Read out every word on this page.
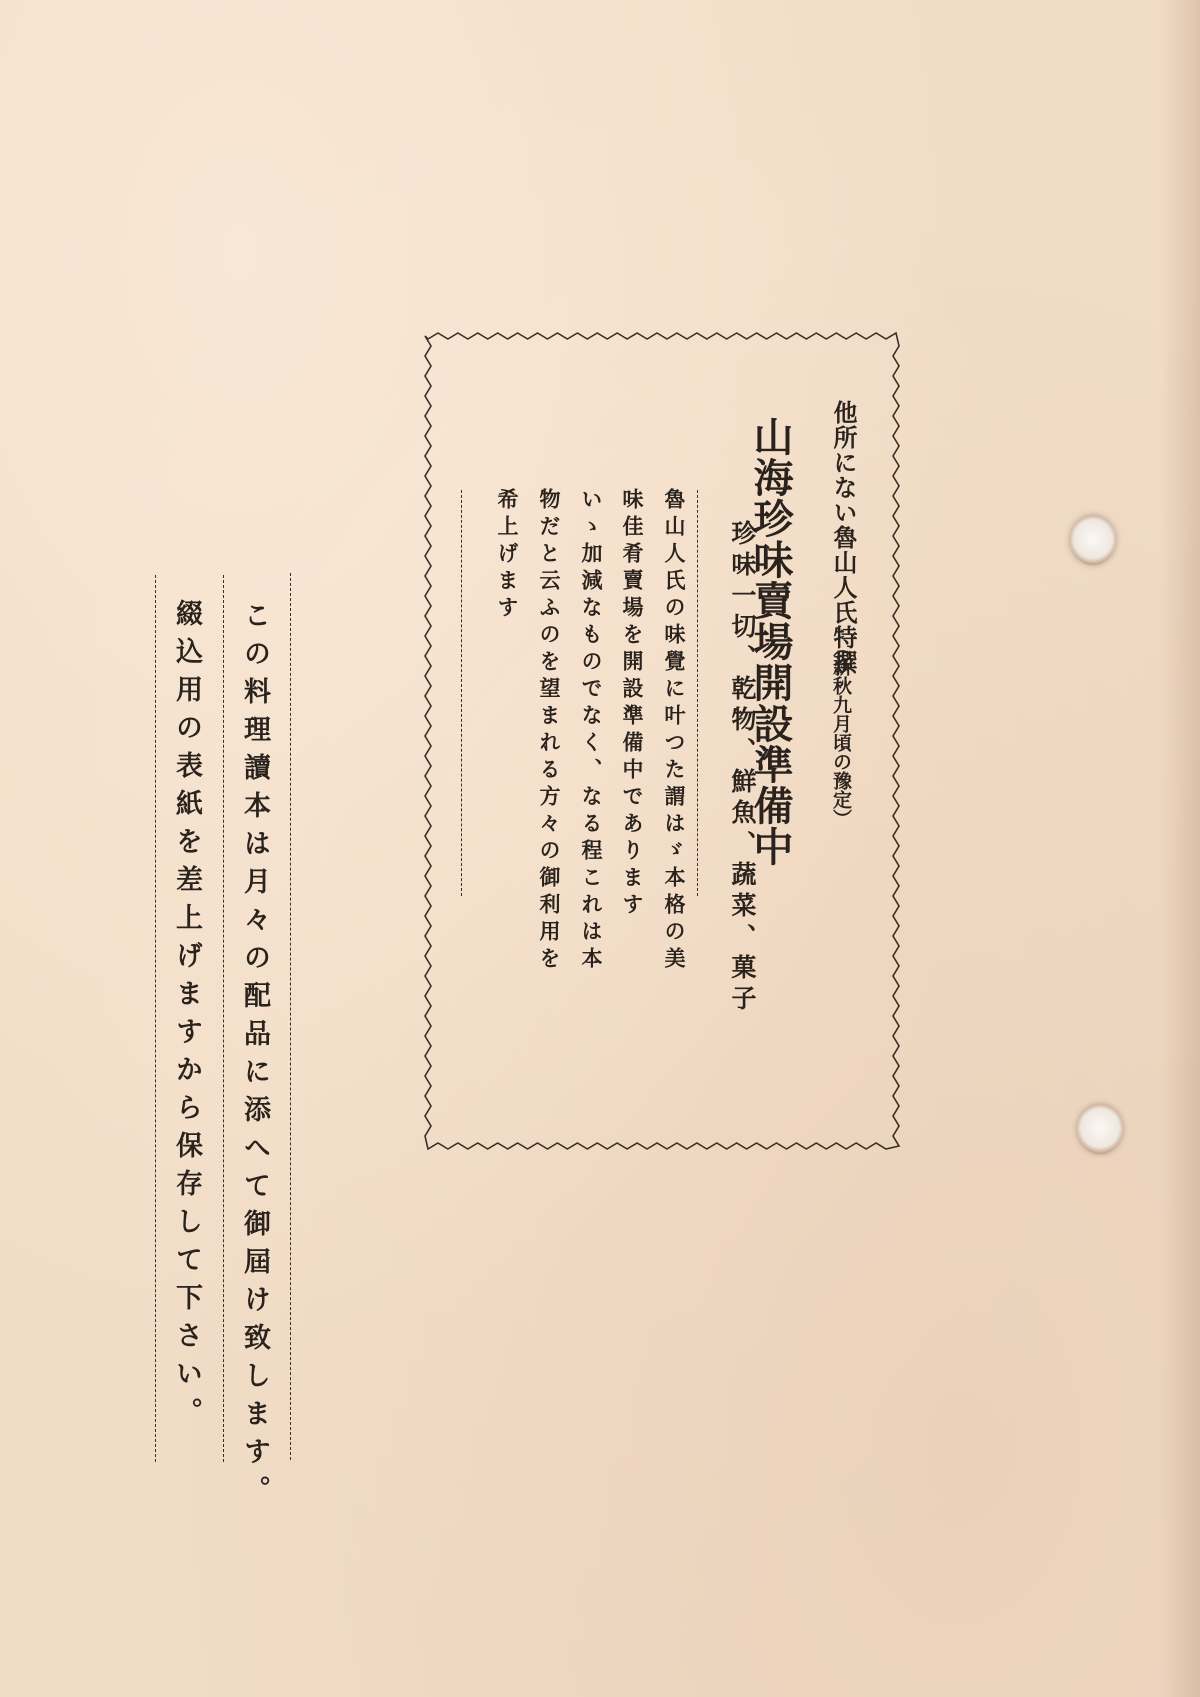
他所にない魯山人氏特撰
（新秋九月頃の豫定）
山海珍味賣場開設準備中
珍味一切、乾物、鮮魚、蔬菜、菓子
魯山人氏の味覺に叶つた謂はゞ本格の美
味佳肴賣場を開設準備中であります
いゝ加減なものでなく、なる程これは本
物だと云ふのを望まれる方々の御利用を
希上げます
この料理讀本は月々の配品に添へて御屆け致します。
綴込用の表紙を差上げますから保存して下さい。
